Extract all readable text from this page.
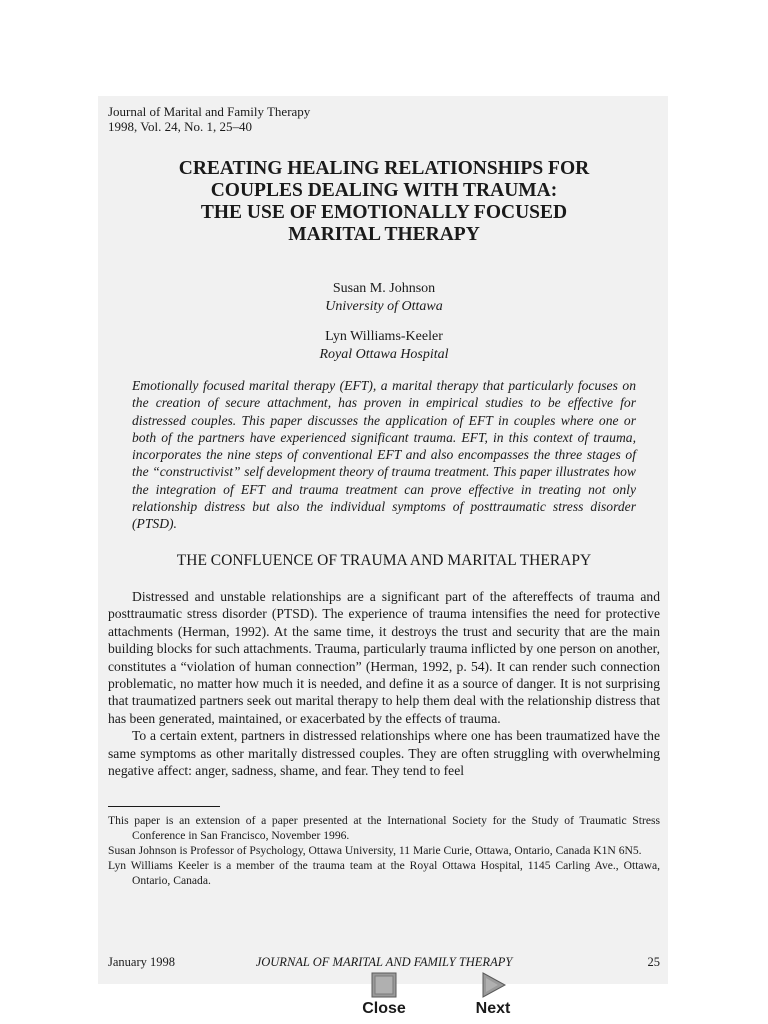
Journal of Marital and Family Therapy
1998, Vol. 24, No. 1, 25–40
CREATING HEALING RELATIONSHIPS FOR
COUPLES DEALING WITH TRAUMA:
THE USE OF EMOTIONALLY FOCUSED
MARITAL THERAPY
Susan M. Johnson
University of Ottawa
Lyn Williams-Keeler
Royal Ottawa Hospital
Emotionally focused marital therapy (EFT), a marital therapy that particularly focuses on the creation of secure attachment, has proven in empirical studies to be effective for distressed couples. This paper discusses the application of EFT in couples where one or both of the partners have experienced significant trauma. EFT, in this context of trauma, incorporates the nine steps of conventional EFT and also encompasses the three stages of the “constructivist” self development theory of trauma treatment. This paper illustrates how the integration of EFT and trauma treatment can prove effective in treating not only relationship distress but also the individual symptoms of posttraumatic stress disorder (PTSD).
THE CONFLUENCE OF TRAUMA AND MARITAL THERAPY

Distressed and unstable relationships are a significant part of the aftereffects of trauma and posttraumatic stress disorder (PTSD). The experience of trauma intensifies the need for protective attachments (Herman, 1992). At the same time, it destroys the trust and security that are the main building blocks for such attachments. Trauma, particularly trauma inflicted by one person on another, constitutes a “violation of human connection” (Herman, 1992, p. 54). It can render such connection problematic, no matter how much it is needed, and define it as a source of danger. It is not surprising that traumatized partners seek out marital therapy to help them deal with the relationship distress that has been generated, maintained, or exacerbated by the effects of trauma.

To a certain extent, partners in distressed relationships where one has been traumatized have the same symptoms as other maritally distressed couples. They are often struggling with overwhelming negative affect: anger, sadness, shame, and fear. They tend to feel

This paper is an extension of a paper presented at the International Society for the Study of Traumatic Stress Conference in San Francisco, November 1996.

Susan Johnson is Professor of Psychology, Ottawa University, 11 Marie Curie, Ottawa, Ontario, Canada K1N 6N5.

Lyn Williams Keeler is a member of the trauma team at the Royal Ottawa Hospital, 1145 Carling Ave., Ottawa, Ontario, Canada.

January 1998	JOURNAL OF MARITAL AND FAMILY THERAPY	25
Close	Next
